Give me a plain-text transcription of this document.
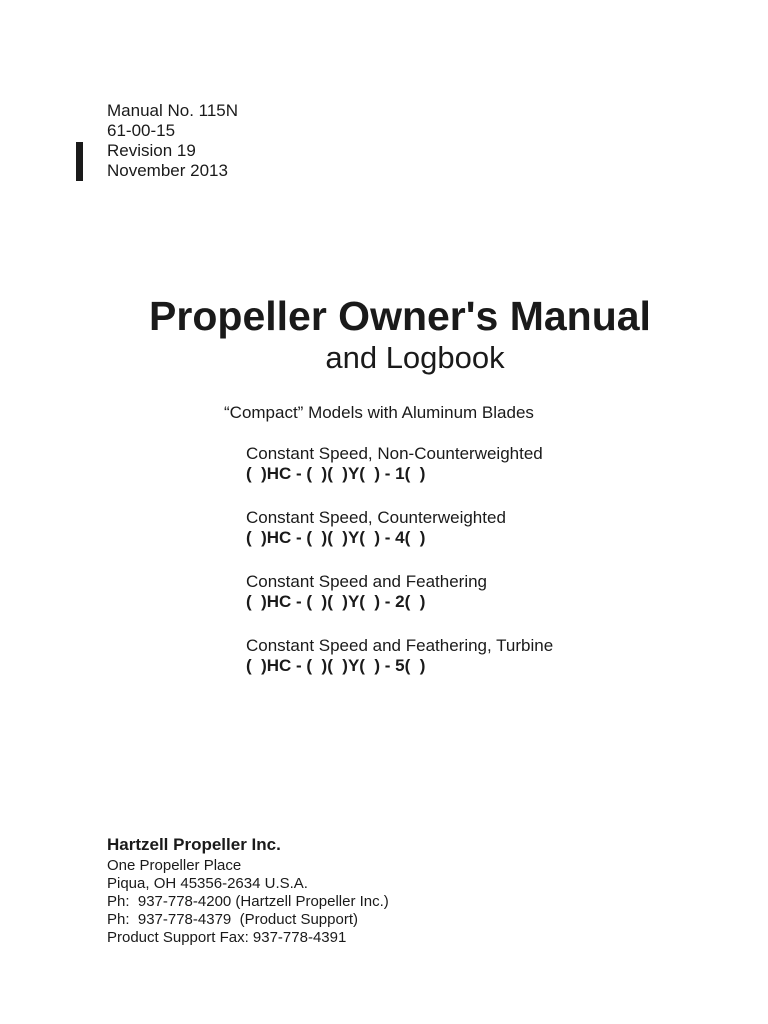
Manual No. 115N
61-00-15
Revision 19
November 2013
Propeller Owner's Manual
and Logbook
“Compact” Models with Aluminum Blades
Constant Speed, Non-Counterweighted
(  )HC - (  )(  )Y(  ) - 1(  )
Constant Speed, Counterweighted
(  )HC - (  )(  )Y(  ) - 4(  )
Constant Speed and Feathering
(  )HC - (  )(  )Y(  ) - 2(  )
Constant Speed and Feathering, Turbine
(  )HC - (  )(  )Y(  ) - 5(  )
Hartzell Propeller Inc.
One Propeller Place
Piqua, OH 45356-2634 U.S.A.
Ph:  937-778-4200 (Hartzell Propeller Inc.)
Ph:  937-778-4379  (Product Support)
Product Support Fax: 937-778-4391
